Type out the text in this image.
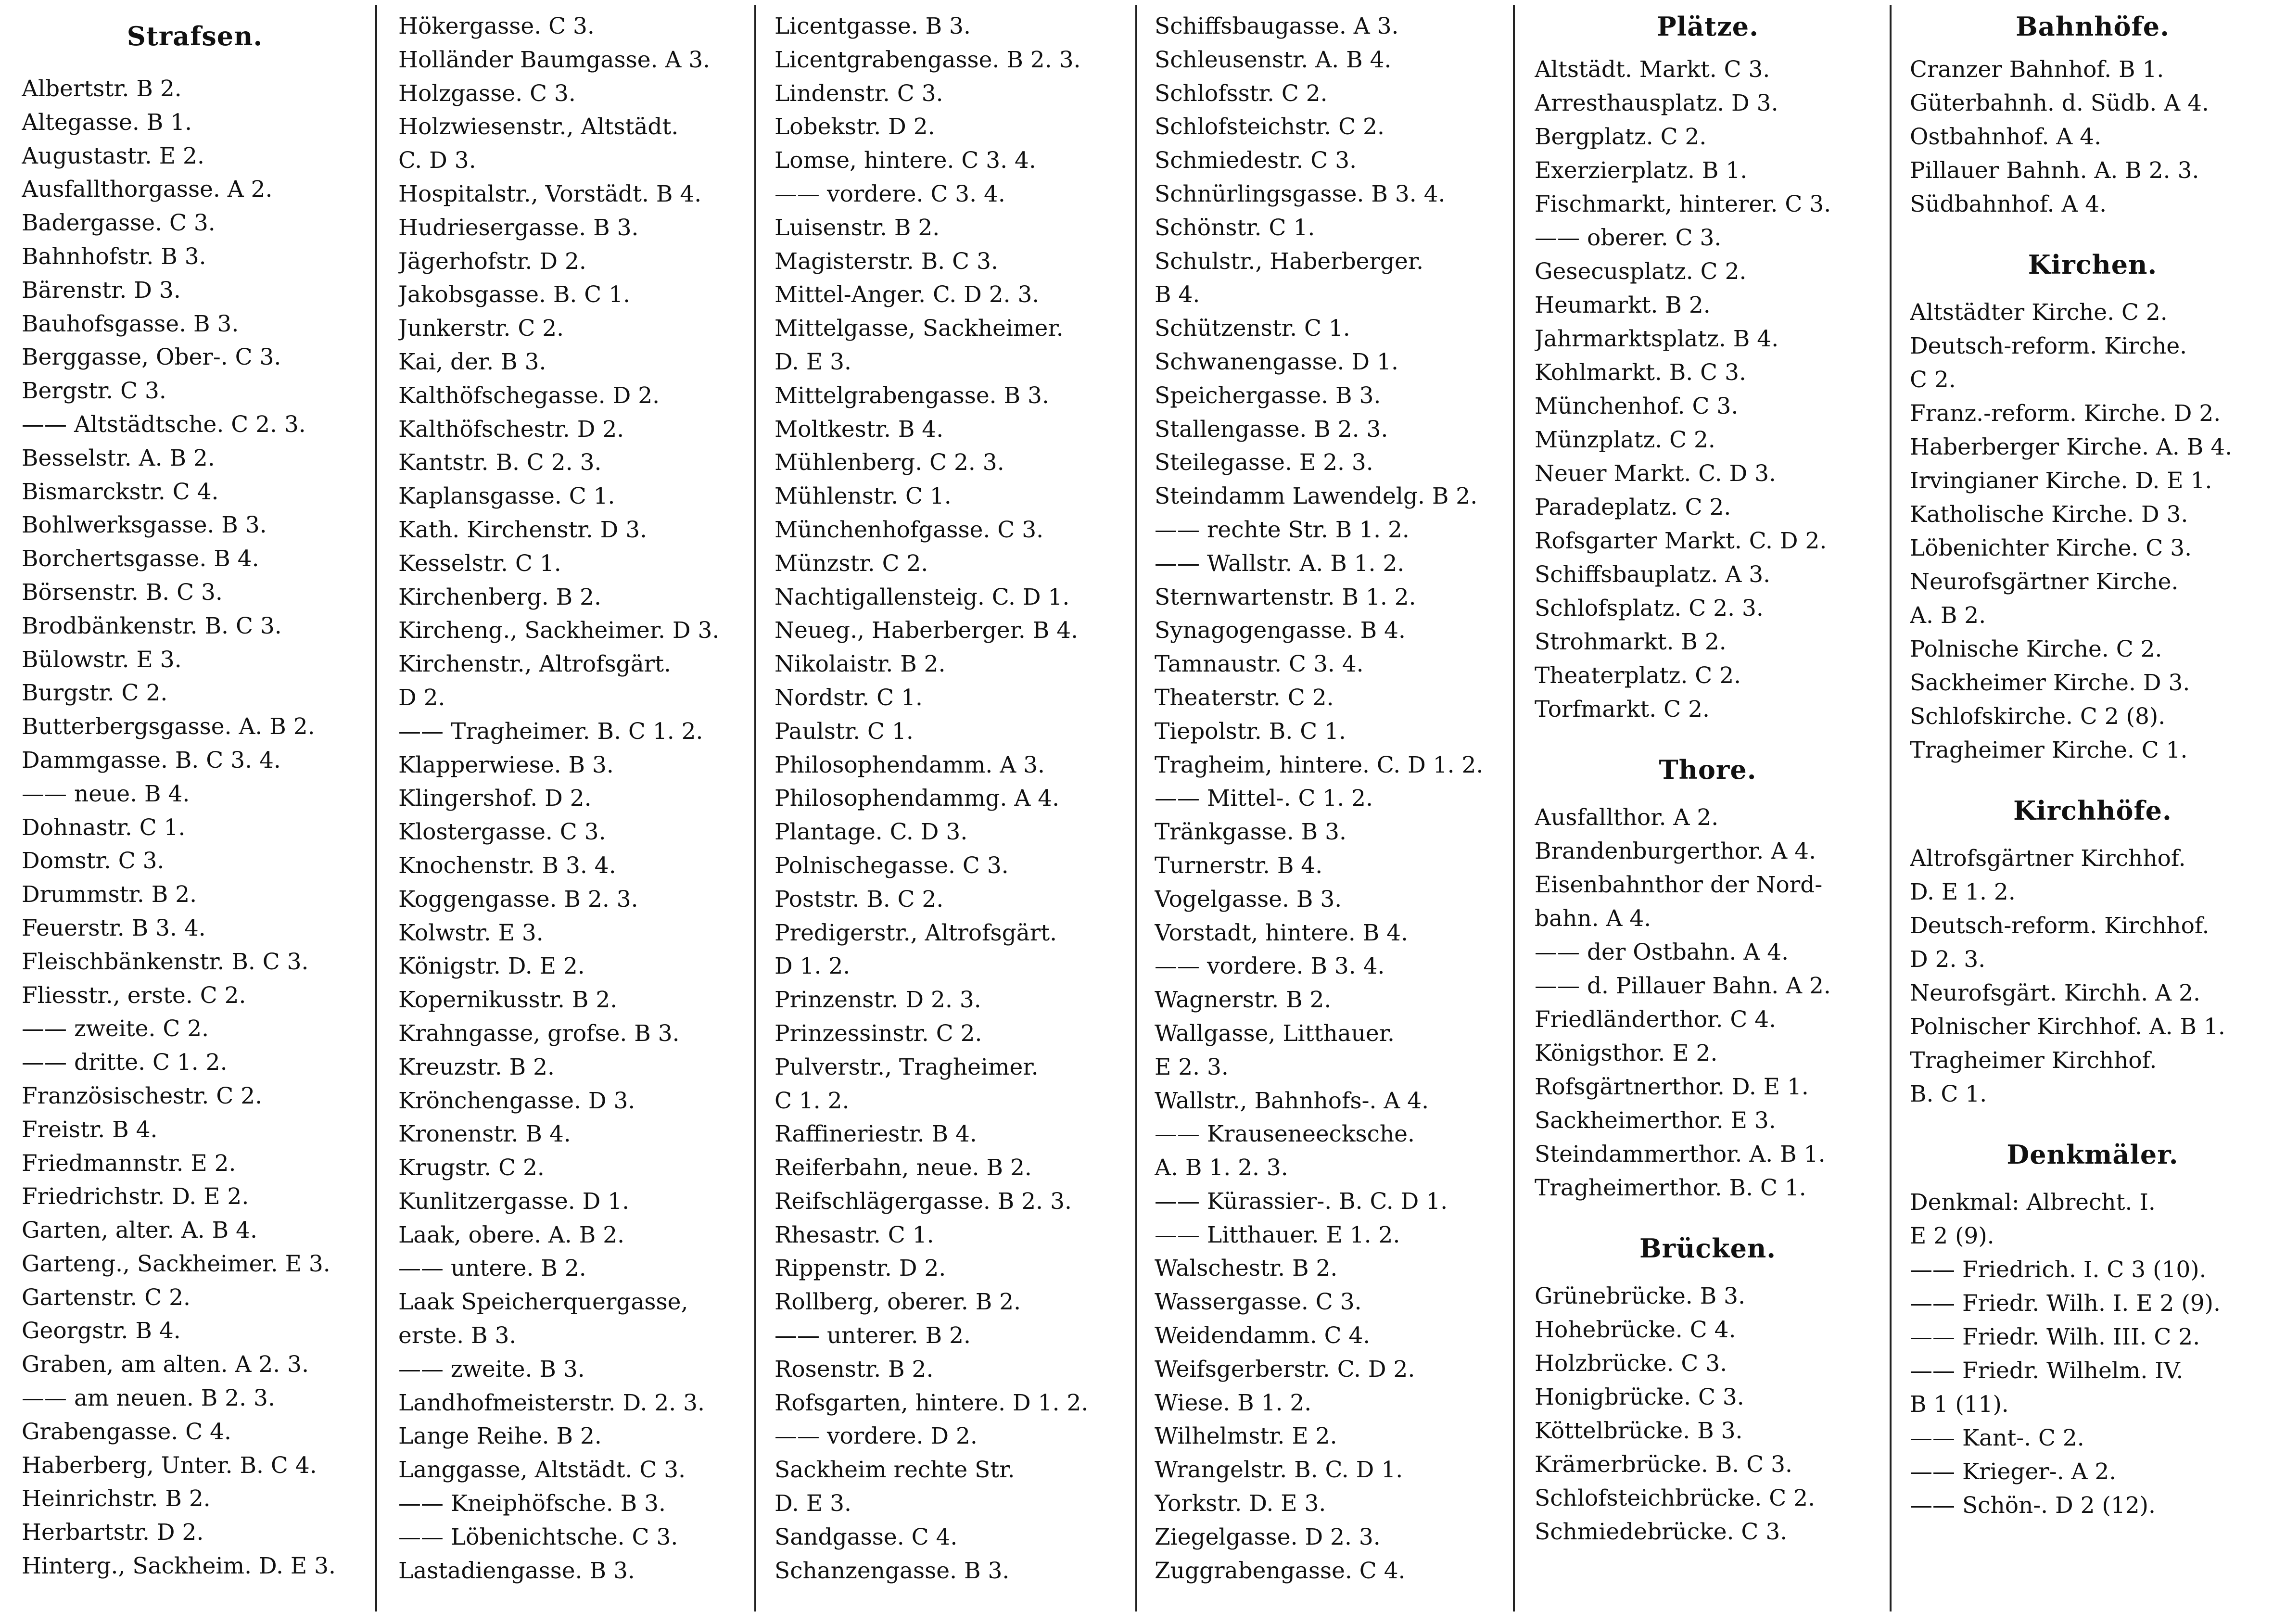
Strafsen.
Albertstr. B 2.
Altegasse. B 1.
Augustastr. E 2.
Ausfallthorgasse. A 2.
Badergasse. C 3.
Bahnhofstr. B 3.
Bärenstr. D 3.
Bauhofsgasse. B 3.
Berggasse, Ober-. C 3.
Bergstr. C 3.
—— Altstädtsche. C 2. 3.
Besselstr. A. B 2.
Bismarckstr. C 4.
Bohlwerksgasse. B 3.
Borchertsgasse. B 4.
Börsenstr. B. C 3.
Brodbänkenstr. B. C 3.
Bülowstr. E 3.
Burgstr. C 2.
Butterbergsgasse. A. B 2.
Dammgasse. B. C 3. 4.
—— neue. B 4.
Dohnastr. C 1.
Domstr. C 3.
Drummstr. B 2.
Feuerstr. B 3. 4.
Fleischbänkenstr. B. C 3.
Fliesstr., erste. C 2.
—— zweite. C 2.
—— dritte. C 1. 2.
Französischestr. C 2.
Freistr. B 4.
Friedmannstr. E 2.
Friedrichstr. D. E 2.
Garten, alter. A. B 4.
Garteng., Sackheimer. E 3.
Gartenstr. C 2.
Georgstr. B 4.
Graben, am alten. A 2. 3.
—— am neuen. B 2. 3.
Grabengasse. C 4.
Haberberg, Unter. B. C 4.
Heinrichstr. B 2.
Herbartstr. D 2.
Hinterg., Sackheim. D. E 3.
Hökergasse. C 3.
Holländer Baumgasse. A 3.
Holzgasse. C 3.
Holzwiesenstr., Altstädt.
C. D 3.
Hospitalstr., Vorstädt. B 4.
Hudriesergasse. B 3.
Jägerhofstr. D 2.
Jakobsgasse. B. C 1.
Junkerstr. C 2.
Kai, der. B 3.
Kalthöfschegasse. D 2.
Kalthöfschestr. D 2.
Kantstr. B. C 2. 3.
Kaplansgasse. C 1.
Kath. Kirchenstr. D 3.
Kesselstr. C 1.
Kirchenberg. B 2.
Kircheng., Sackheimer. D 3.
Kirchenstr., Altrofsgärt.
D 2.
—— Tragheimer. B. C 1. 2.
Klapperwiese. B 3.
Klingershof. D 2.
Klostergasse. C 3.
Knochenstr. B 3. 4.
Koggengasse. B 2. 3.
Kolwstr. E 3.
Königstr. D. E 2.
Kopernikusstr. B 2.
Krahngasse, grofse. B 3.
Kreuzstr. B 2.
Krönchengasse. D 3.
Kronenstr. B 4.
Krugstr. C 2.
Kunlitzergasse. D 1.
Laak, obere. A. B 2.
—— untere. B 2.
Laak Speicherquergasse,
erste. B 3.
—— zweite. B 3.
Landhofmeisterstr. D. 2. 3.
Lange Reihe. B 2.
Langgasse, Altstädt. C 3.
—— Kneiphöfsche. B 3.
—— Löbenichtsche. C 3.
Lastadiengasse. B 3.
Licentgasse. B 3.
Licentgrabengasse. B 2. 3.
Lindenstr. C 3.
Lobekstr. D 2.
Lomse, hintere. C 3. 4.
—— vordere. C 3. 4.
Luisenstr. B 2.
Magisterstr. B. C 3.
Mittel-Anger. C. D 2. 3.
Mittelgasse, Sackheimer.
D. E 3.
Mittelgrabengasse. B 3.
Moltkestr. B 4.
Mühlenberg. C 2. 3.
Mühlenstr. C 1.
Münchenhofgasse. C 3.
Münzstr. C 2.
Nachtigallensteig. C. D 1.
Neueg., Haberberger. B 4.
Nikolaistr. B 2.
Nordstr. C 1.
Paulstr. C 1.
Philosophendamm. A 3.
Philosophendammg. A 4.
Plantage. C. D 3.
Polnischegasse. C 3.
Poststr. B. C 2.
Predigerstr., Altrofsgärt.
D 1. 2.
Prinzenstr. D 2. 3.
Prinzessinstr. C 2.
Pulverstr., Tragheimer.
C 1. 2.
Raffineriestr. B 4.
Reiferbahn, neue. B 2.
Reifschlägergasse. B 2. 3.
Rhesastr. C 1.
Rippenstr. D 2.
Rollberg, oberer. B 2.
—— unterer. B 2.
Rosenstr. B 2.
Rofsgarten, hintere. D 1. 2.
—— vordere. D 2.
Sackheim rechte Str.
D. E 3.
Sandgasse. C 4.
Schanzengasse. B 3.
Schiffsbaugasse. A 3.
Schleusenstr. A. B 4.
Schlofsstr. C 2.
Schlofsteichstr. C 2.
Schmiedestr. C 3.
Schnürlingsgasse. B 3. 4.
Schönstr. C 1.
Schulstr., Haberberger.
B 4.
Schützenstr. C 1.
Schwanengasse. D 1.
Speichergasse. B 3.
Stallengasse. B 2. 3.
Steilegasse. E 2. 3.
Steindamm Lawendelg. B 2.
—— rechte Str. B 1. 2.
—— Wallstr. A. B 1. 2.
Sternwartenstr. B 1. 2.
Synagogengasse. B 4.
Tamnaustr. C 3. 4.
Theaterstr. C 2.
Tiepolstr. B. C 1.
Tragheim, hintere. C. D 1. 2.
—— Mittel-. C 1. 2.
Tränkgasse. B 3.
Turnerstr. B 4.
Vogelgasse. B 3.
Vorstadt, hintere. B 4.
—— vordere. B 3. 4.
Wagnerstr. B 2.
Wallgasse, Litthauer.
E 2. 3.
Wallstr., Bahnhofs-. A 4.
—— Krauseneecksche.
A. B 1. 2. 3.
—— Kürassier-. B. C. D 1.
—— Litthauer. E 1. 2.
Walschestr. B 2.
Wassergasse. C 3.
Weidendamm. C 4.
Weifsgerberstr. C. D 2.
Wiese. B 1. 2.
Wilhelmstr. E 2.
Wrangelstr. B. C. D 1.
Yorkstr. D. E 3.
Ziegelgasse. D 2. 3.
Zuggrabengasse. C 4.
Plätze.
Altstädt. Markt. C 3.
Arresthausplatz. D 3.
Bergplatz. C 2.
Exerzierplatz. B 1.
Fischmarkt, hinterer. C 3.
—— oberer. C 3.
Gesecusplatz. C 2.
Heumarkt. B 2.
Jahrmarktsplatz. B 4.
Kohlmarkt. B. C 3.
Münchenhof. C 3.
Münzplatz. C 2.
Neuer Markt. C. D 3.
Paradeplatz. C 2.
Rofsgarter Markt. C. D 2.
Schiffsbauplatz. A 3.
Schlofsplatz. C 2. 3.
Strohmarkt. B 2.
Theaterplatz. C 2.
Torfmarkt. C 2.
Thore.
Ausfallthor. A 2.
Brandenburgerthor. A 4.
Eisenbahnthor der Nord-
bahn. A 4.
—— der Ostbahn. A 4.
—— d. Pillauer Bahn. A 2.
Friedländerthor. C 4.
Königsthor. E 2.
Rofsgärtnerthor. D. E 1.
Sackheimerthor. E 3.
Steindammerthor. A. B 1.
Tragheimerthor. B. C 1.
Brücken.
Grünebrücke. B 3.
Hohebrücke. C 4.
Holzbrücke. C 3.
Honigbrücke. C 3.
Köttelbrücke. B 3.
Krämerbrücke. B. C 3.
Schlofsteichbrücke. C 2.
Schmiedebrücke. C 3.
Bahnhöfe.
Cranzer Bahnhof. B 1.
Güterbahnh. d. Südb. A 4.
Ostbahnhof. A 4.
Pillauer Bahnh. A. B 2. 3.
Südbahnhof. A 4.
Kirchen.
Altstädter Kirche. C 2.
Deutsch-reform. Kirche.
C 2.
Franz.-reform. Kirche. D 2.
Haberberger Kirche. A. B 4.
Irvingianer Kirche. D. E 1.
Katholische Kirche. D 3.
Löbenichter Kirche. C 3.
Neurofsgärtner Kirche.
A. B 2.
Polnische Kirche. C 2.
Sackheimer Kirche. D 3.
Schlofskirche. C 2 (8).
Tragheimer Kirche. C 1.
Kirchhöfe.
Altrofsgärtner Kirchhof.
D. E 1. 2.
Deutsch-reform. Kirchhof.
D 2. 3.
Neurofsgärt. Kirchh. A 2.
Polnischer Kirchhof. A. B 1.
Tragheimer Kirchhof.
B. C 1.
Denkmäler.
Denkmal: Albrecht. I.
E 2 (9).
—— Friedrich. I. C 3 (10).
—— Friedr. Wilh. I. E 2 (9).
—— Friedr. Wilh. III. C 2.
—— Friedr. Wilhelm. IV.
B 1 (11).
—— Kant-. C 2.
—— Krieger-. A 2.
—— Schön-. D 2 (12).
